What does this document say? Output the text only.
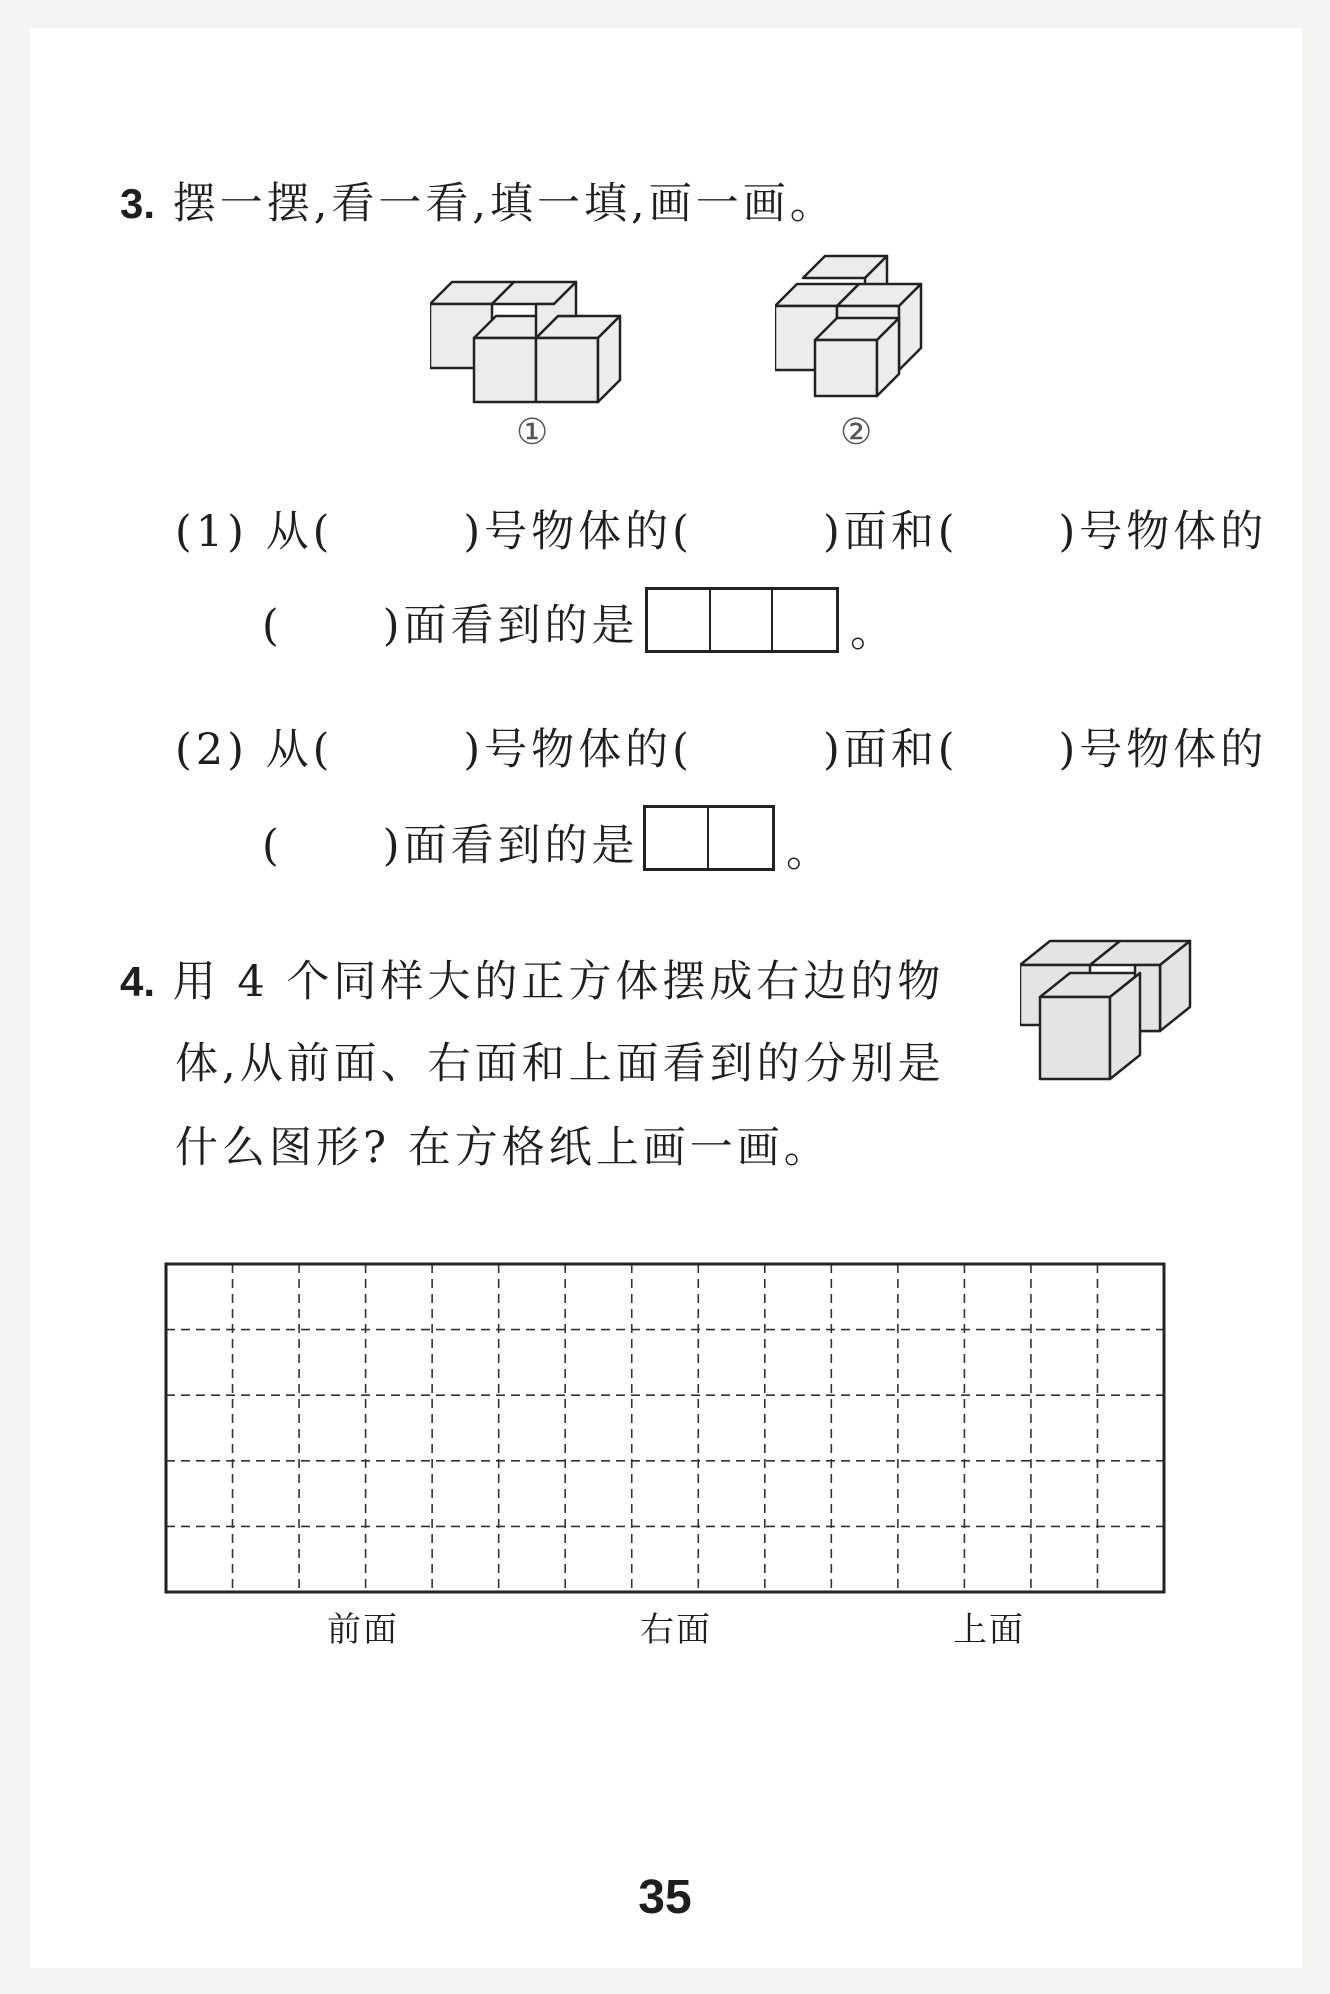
3. 摆一摆,看一看,填一填,画一画。
①	②
(1) 从(	)号物体的(	)面和( )号物体的
( )面看到的是	。
(2) 从(	)号物体的(	)面和( )号物体的
( )面看到的是	。
4. 用 4 个同样大的正方体摆成右边的物
体,从前面、右面和上面看到的分别是
什么图形? 在方格纸上画一画。
前面	右面	上面
35
